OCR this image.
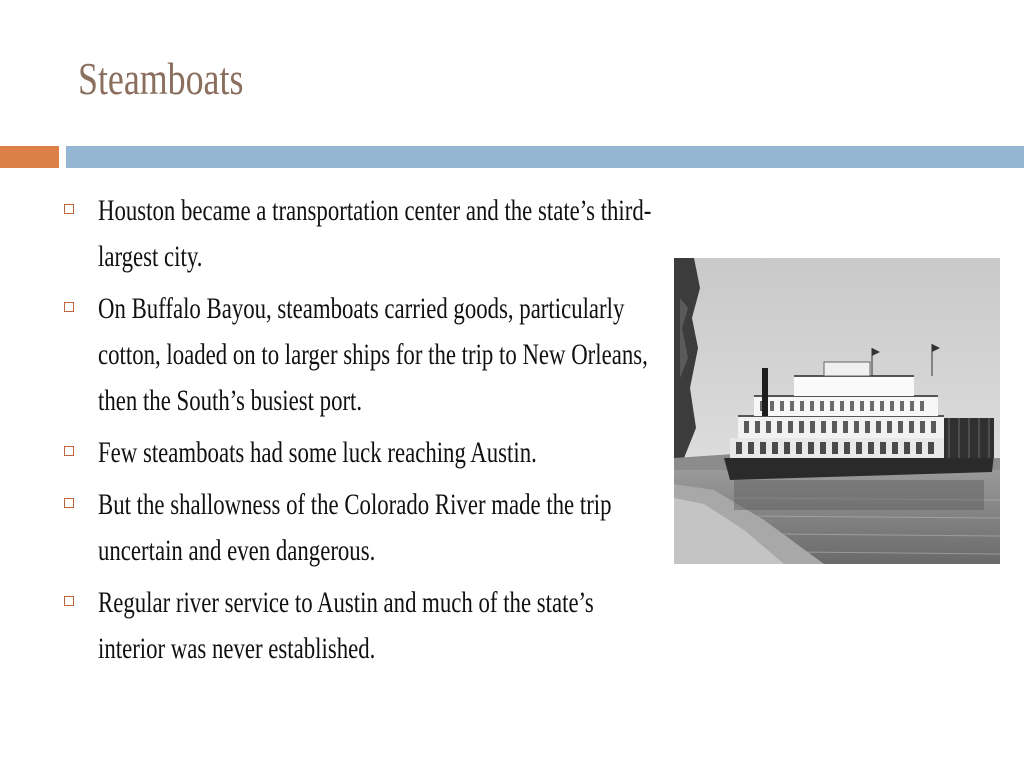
Steamboats
Houston became a transportation center and the state’s third-largest city.
On Buffalo Bayou, steamboats carried goods, particularly cotton, loaded on to larger ships for the trip to New Orleans, then the South’s busiest port.
Few steamboats had some luck reaching Austin.
But the shallowness of the Colorado River made the trip uncertain and even dangerous.
Regular river service to Austin and much of the state’s interior was never established.
